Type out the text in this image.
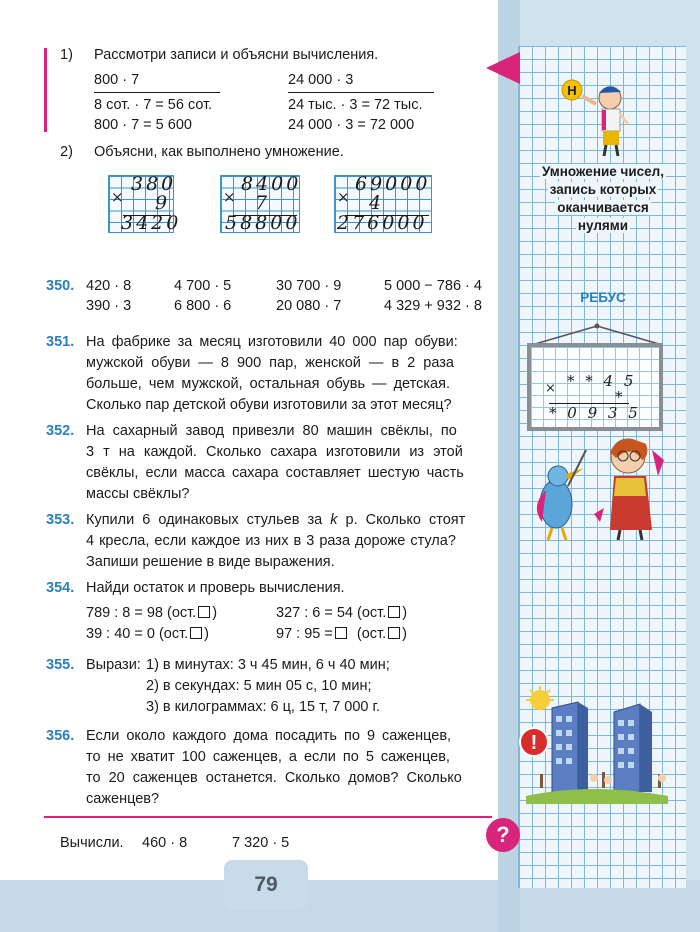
?
1) Рассмотри записи и объясни вычисления.
800 · 7
8 сот. · 7 = 56 сот.
800 · 7 = 5 600
24 000 · 3
24 тыс. · 3 = 72 тыс.
24 000 · 3 = 72 000
2) Объясни, как выполнено умножение.
×
380
9
3420
×
8400
7
58800
×
69000
4
276000
350. 420 · 8	4 700 · 5	30 700 · 9	5 000 − 786 · 4
390 · 3	6 800 · 6	20 080 · 7	4 329 + 932 · 8
351. На фабрике за месяц изготовили 40 000 пар обуви:
мужской обуви — 8 900 пар, женской — в 2 раза
больше, чем мужской, остальная обувь — детская.
Сколько пар детской обуви изготовили за этот месяц?
352. На сахарный завод привезли 80 машин свёклы, по
3 т на каждой. Сколько сахара изготовили из этой
свёклы, если масса сахара составляет шестую часть
массы свёклы?
353. Купили 6 одинаковых стульев за k р. Сколько стоят
4 кресла, если каждое из них в 3 раза дороже стула?
Запиши решение в виде выражения.
354. Найди остаток и проверь вычисления.
789 : 8 = 98 (ост. )	327 : 6 = 54 (ост. )
39 : 40 = 0 (ост. )	97 : 95 = (ост. )
355. Вырази: 1) в минутах: 3 ч 45 мин, 6 ч 40 мин;
2) в секундах: 5 мин 05 с, 10 мин;
3) в килограммах: 6 ц, 15 т, 7 000 г.
356. Если около каждого дома посадить по 9 саженцев,
то не хватит 100 саженцев, а если по 5 саженцев,
то 20 саженцев останется. Сколько домов? Сколько
саженцев?
Вычисли. 460 · 8	7 320 · 5
Н
Умножение чисел,
запись которых
оканчивается
нулями
РЕБУС
× * * 4 5
*
* 0 9 3 5
!
79
